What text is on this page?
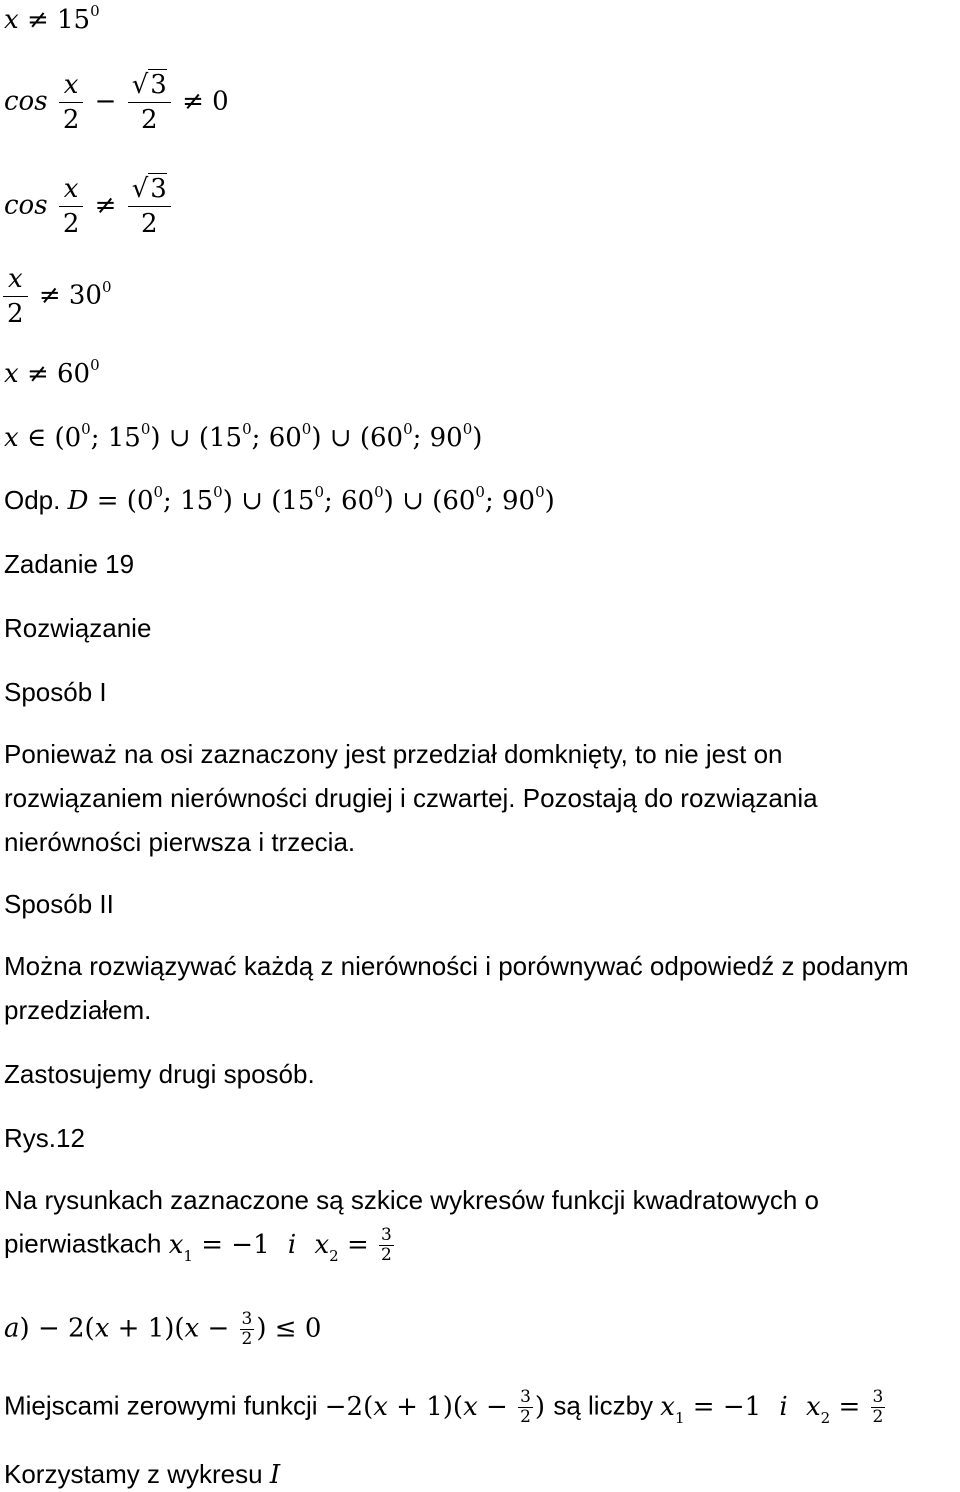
$x \ne 15^0$
$\cos \frac{x}{2} - \frac{√3}{2} \ne 0$
$\cos \frac{x}{2} \ne \frac{√3}{2}$
$\frac{x}{2} \ne 30^0$
$x \ne 60^0$
x ∈ ($0^0$; $15^0$) ∪ ($15^0$; $60^0$) ∪ ($60^0$; $90^0$)
Odp. $D = (0^0$; $15^0$) ∪ ($15^0$; $60^0$) ∪ ($60^0$; $90^0$)
Zadanie 19
Rozwiązanie
Sposób I
Ponieważ na osi zaznaczony jest przedział domknięty, to nie jest on
rozwiązaniem nierówności drugiej i czwartej. Pozostają do rozwiązania
nierówności pierwsza i trzecia.
Sposób II
Można rozwiązywać każdą z nierówności i porównywać odpowiedź z podanym
przedziałem.
Zastosujemy drugi sposób.
Rys.12
Na rysunkach zaznaczone są szkice wykresów funkcji kwadratowych o
pierwiastkach $x_1 = -1$ i $x_2 = \frac{3}{2}$
$a) - 2(x + 1)(x - \frac{3}{2}$ ) ≤ 0
Miejscami zerowymi funkcji $-2(x + 1)(x - \frac{3}{2}$ ) są liczby $x_1 = -1$ i $x_2 = \frac{3}{2}$
Korzystamy z wykresu I
